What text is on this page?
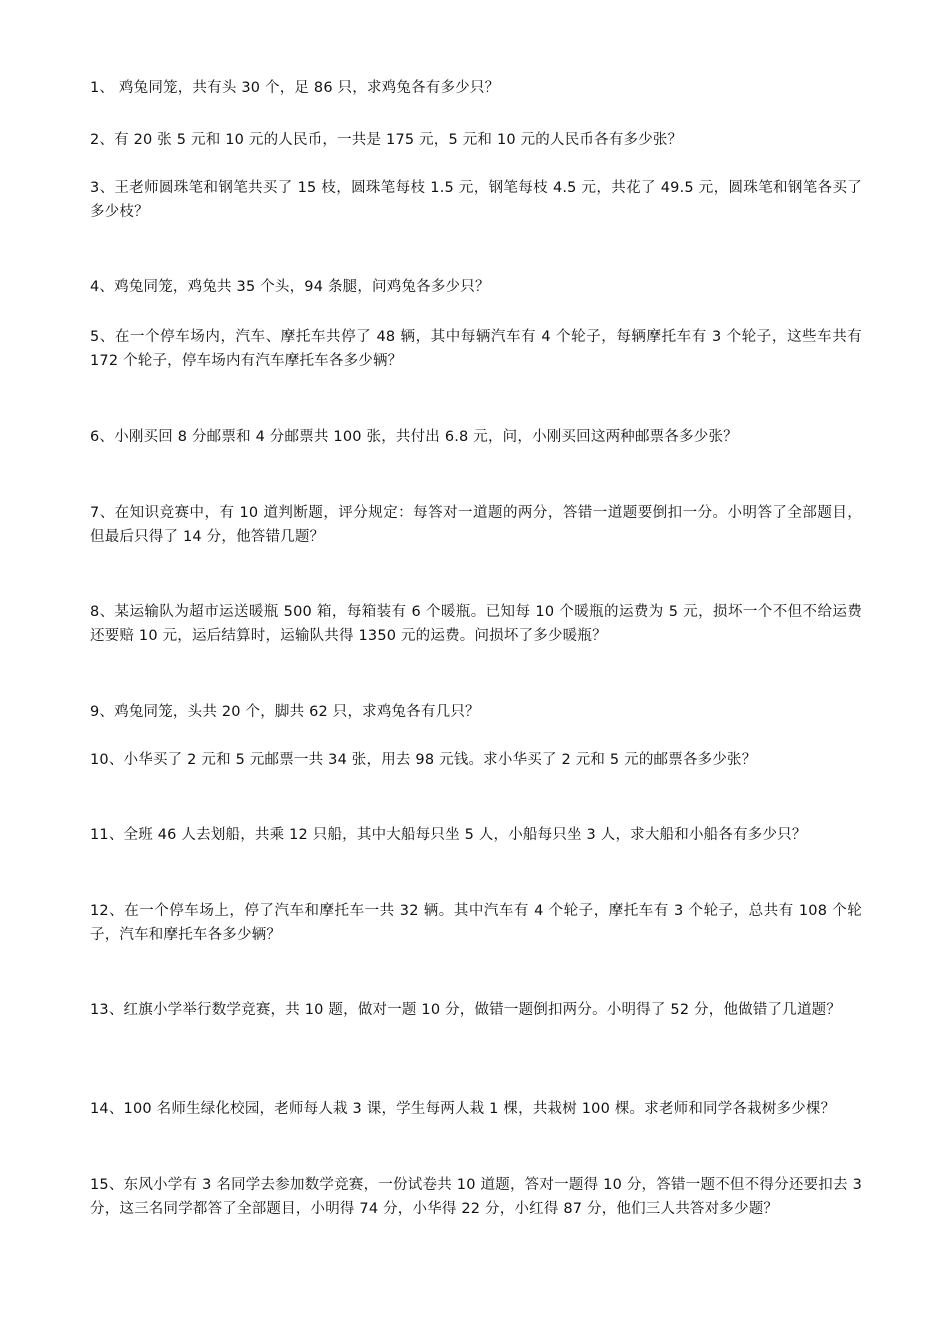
1、 鸡兔同笼，共有头 30 个，足 86 只，求鸡兔各有多少只？

2、有 20 张 5 元和 10 元的人民币，一共是 175 元，5 元和 10 元的人民币各有多少张？

3、王老师圆珠笔和钢笔共买了 15 枝，圆珠笔每枝 1.5 元，钢笔每枝 4.5 元，共花了 49.5 元，圆珠笔和钢笔各买了多少枝？

4、鸡兔同笼，鸡兔共 35 个头，94 条腿，问鸡兔各多少只？

5、在一个停车场内，汽车、摩托车共停了 48 辆，其中每辆汽车有 4 个轮子，每辆摩托车有 3 个轮子，这些车共有 172 个轮子，停车场内有汽车摩托车各多少辆？

6、小刚买回 8 分邮票和 4 分邮票共 100 张，共付出 6.8 元，问，小刚买回这两种邮票各多少张？

7、在知识竞赛中，有 10 道判断题，评分规定：每答对一道题的两分，答错一道题要倒扣一分。小明答了全部题目，但最后只得了 14 分，他答错几题？

8、某运输队为超市运送暖瓶 500 箱，每箱装有 6 个暖瓶。已知每 10 个暖瓶的运费为 5 元，损坏一个不但不给运费还要赔 10 元，运后结算时，运输队共得 1350 元的运费。问损坏了多少暖瓶？

9、鸡兔同笼，头共 20 个，脚共 62 只，求鸡兔各有几只？

10、小华买了 2 元和 5 元邮票一共 34 张，用去 98 元钱。求小华买了 2 元和 5 元的邮票各多少张？

11、全班 46 人去划船，共乘 12 只船，其中大船每只坐 5 人，小船每只坐 3 人，求大船和小船各有多少只？

12、在一个停车场上，停了汽车和摩托车一共 32 辆。其中汽车有 4 个轮子，摩托车有 3 个轮子，总共有 108 个轮子，汽车和摩托车各多少辆？

13、红旗小学举行数学竞赛，共 10 题，做对一题 10 分，做错一题倒扣两分。小明得了 52 分，他做错了几道题？

14、100 名师生绿化校园，老师每人栽 3 课，学生每两人栽 1 棵，共栽树 100 棵。求老师和同学各栽树多少棵？

15、东风小学有 3 名同学去参加数学竞赛，一份试卷共 10 道题，答对一题得 10 分，答错一题不但不得分还要扣去 3 分，这三名同学都答了全部题目，小明得 74 分，小华得 22 分，小红得 87 分，他们三人共答对多少题？
